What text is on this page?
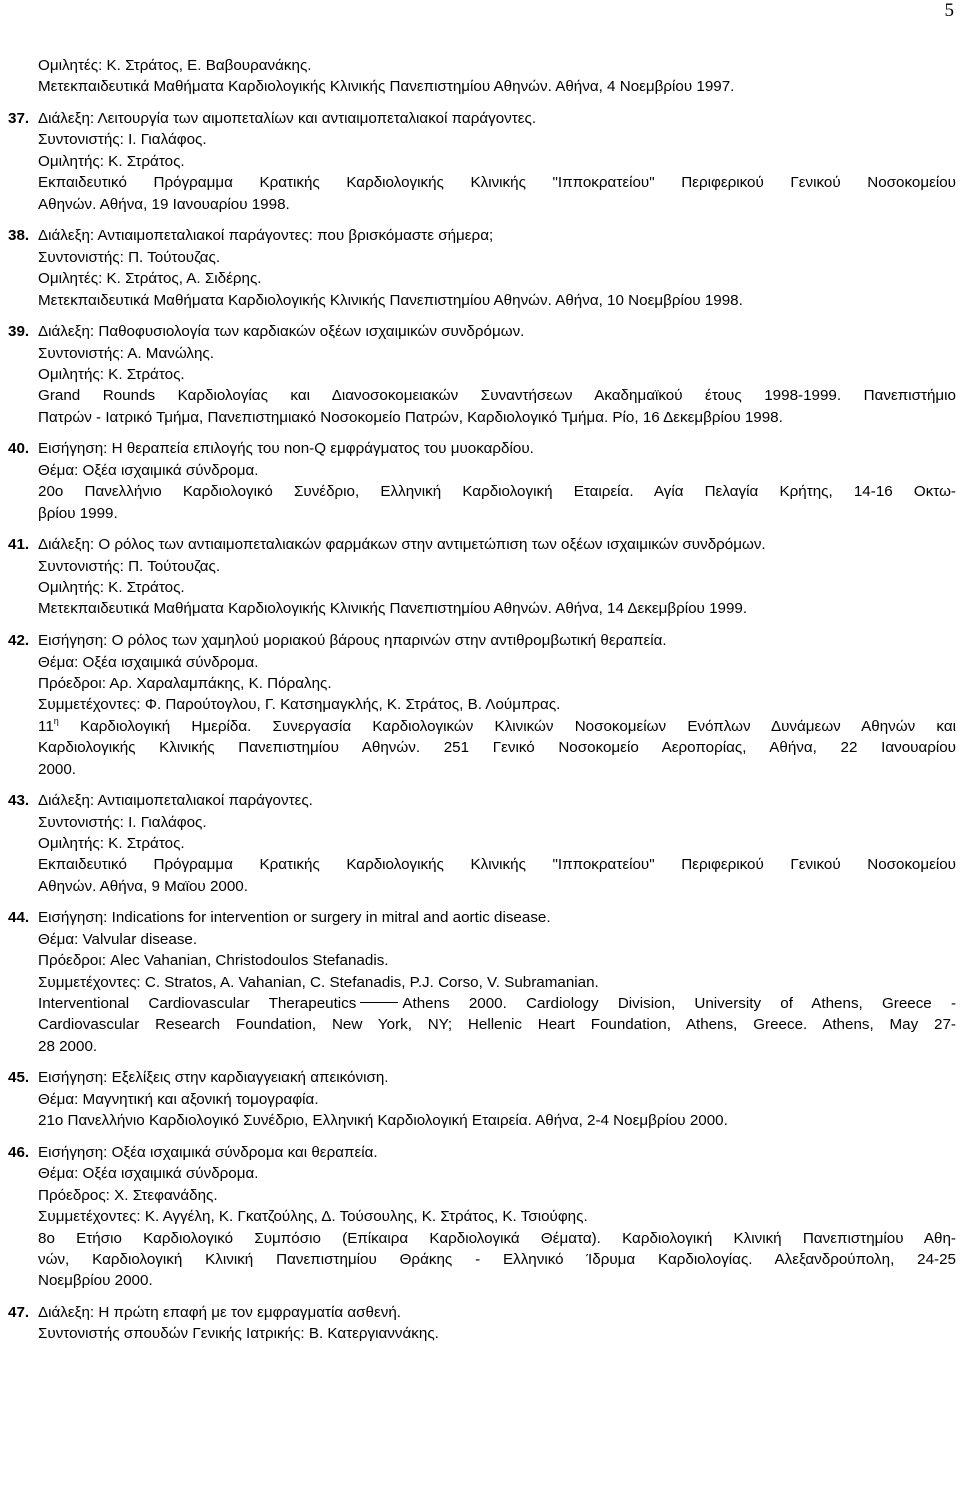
5
Ομιλητές: Κ. Στράτος, Ε. Βαβουρανάκης.
Μετεκπαιδευτικά Μαθήματα Καρδιολογικής Κλινικής Πανεπιστημίου Αθηνών. Αθήνα, 4 Νοεμβρίου 1997.
37. Διάλεξη: Λειτουργία των αιμοπεταλίων και αντιαιμοπεταλιακοί παράγοντες.
Συντονιστής: Ι. Γιαλάφος.
Ομιλητής: Κ. Στράτος.
Εκπαιδευτικό Πρόγραμμα Κρατικής Καρδιολογικής Κλινικής "Ιπποκρατείου" Περιφερικού Γενικού Νοσοκομείου
Αθηνών. Αθήνα, 19 Ιανουαρίου 1998.
38. Διάλεξη: Αντιαιμοπεταλιακοί παράγοντες: που βρισκόμαστε σήμερα;
Συντονιστής: Π. Τούτουζας.
Ομιλητές: Κ. Στράτος, Α. Σιδέρης.
Μετεκπαιδευτικά Μαθήματα Καρδιολογικής Κλινικής Πανεπιστημίου Αθηνών. Αθήνα, 10 Νοεμβρίου 1998.
39. Διάλεξη: Παθοφυσιολογία των καρδιακών οξέων ισχαιμικών συνδρόμων.
Συντονιστής: Α. Μανώλης.
Ομιλητής: Κ. Στράτος.
Grand Rounds Καρδιολογίας και Διανοσοκομειακών Συναντήσεων Ακαδημαϊκού έτους 1998-1999. Πανεπιστήμιο
Πατρών - Ιατρικό Τμήμα, Πανεπιστημιακό Νοσοκομείο Πατρών, Καρδιολογικό Τμήμα. Ρίο, 16 Δεκεμβρίου 1998.
40. Εισήγηση: Η θεραπεία επιλογής του non-Q εμφράγματος του μυοκαρδίου.
Θέμα: Οξέα ισχαιμικά σύνδρομα.
20ο Πανελλήνιο Καρδιολογικό Συνέδριο, Ελληνική Καρδιολογική Εταιρεία. Αγία Πελαγία Κρήτης, 14-16 Οκτω-
βρίου 1999.
41. Διάλεξη: Ο ρόλος των αντιαιμοπεταλιακών φαρμάκων στην αντιμετώπιση των οξέων ισχαιμικών συνδρόμων.
Συντονιστής: Π. Τούτουζας.
Ομιλητής: Κ. Στράτος.
Μετεκπαιδευτικά Μαθήματα Καρδιολογικής Κλινικής Πανεπιστημίου Αθηνών. Αθήνα, 14 Δεκεμβρίου 1999.
42. Εισήγηση: Ο ρόλος των χαμηλού μοριακού βάρους ηπαρινών στην αντιθρομβωτική θεραπεία.
Θέμα: Οξέα ισχαιμικά σύνδρομα.
Πρόεδροι: Αρ. Χαραλαμπάκης, Κ. Πόραλης.
Συμμετέχοντες: Φ. Παρούτογλου, Γ. Κατσημαγκλής, Κ. Στράτος, Β. Λούμπρας.
$11^\eta$ Καρδιολογική Ημερίδα. Συνεργασία Καρδιολογικών Κλινικών Νοσοκομείων Ενόπλων Δυνάμεων Αθηνών και
Καρδιολογικής Κλινικής Πανεπιστημίου Αθηνών. 251 Γενικό Νοσοκομείο Αεροπορίας, Αθήνα, 22 Ιανουαρίου
2000.
43. Διάλεξη: Αντιαιμοπεταλιακοί παράγοντες.
Συντονιστής: Ι. Γιαλάφος.
Ομιλητής: Κ. Στράτος.
Εκπαιδευτικό Πρόγραμμα Κρατικής Καρδιολογικής Κλινικής "Ιπποκρατείου" Περιφερικού Γενικού Νοσοκομείου
Αθηνών. Αθήνα, 9 Μαϊου 2000.
44. Εισήγηση: Indications for intervention or surgery in mitral and aortic disease.
Θέμα: Valvular disease.
Πρόεδροι: Alec Vahanian, Christodoulos Stefanadis.
Συμμετέχοντες: C. Stratos, A. Vahanian, C. Stefanadis, P.J. Corso, V. Subramanian.
Interventional Cardiovascular Therapeutics	Athens 2000. Cardiology Division, University of Athens, Greece -
Cardiovascular Research Foundation, New York, NY; Hellenic Heart Foundation, Athens, Greece. Athens, May 27-
28 2000.
45. Εισήγηση: Εξελίξεις στην καρδιαγγειακή απεικόνιση.
Θέμα: Μαγνητική και αξονική τομογραφία.
21ο Πανελλήνιο Καρδιολογικό Συνέδριο, Ελληνική Καρδιολογική Εταιρεία. Αθήνα, 2-4 Νοεμβρίου 2000.
46. Εισήγηση: Οξέα ισχαιμικά σύνδρομα και θεραπεία.
Θέμα: Οξέα ισχαιμικά σύνδρομα.
Πρόεδρος: Χ. Στεφανάδης.
Συμμετέχοντες: Κ. Αγγέλη, Κ. Γκατζούλης, Δ. Τούσουλης, Κ. Στράτος, Κ. Τσιούφης.
8ο Ετήσιο Καρδιολογικό Συμπόσιο (Επίκαιρα Καρδιολογικά Θέματα). Καρδιολογική Κλινική Πανεπιστημίου Αθη-
νών, Καρδιολογική Κλινική Πανεπιστημίου Θράκης - Ελληνικό Ίδρυμα Καρδιολογίας. Αλεξανδρούπολη, 24-25
Νοεμβρίου 2000.
47. Διάλεξη: Η πρώτη επαφή με τον εμφραγματία ασθενή.
Συντονιστής σπουδών Γενικής Ιατρικής: Β. Κατεργιαννάκης.
